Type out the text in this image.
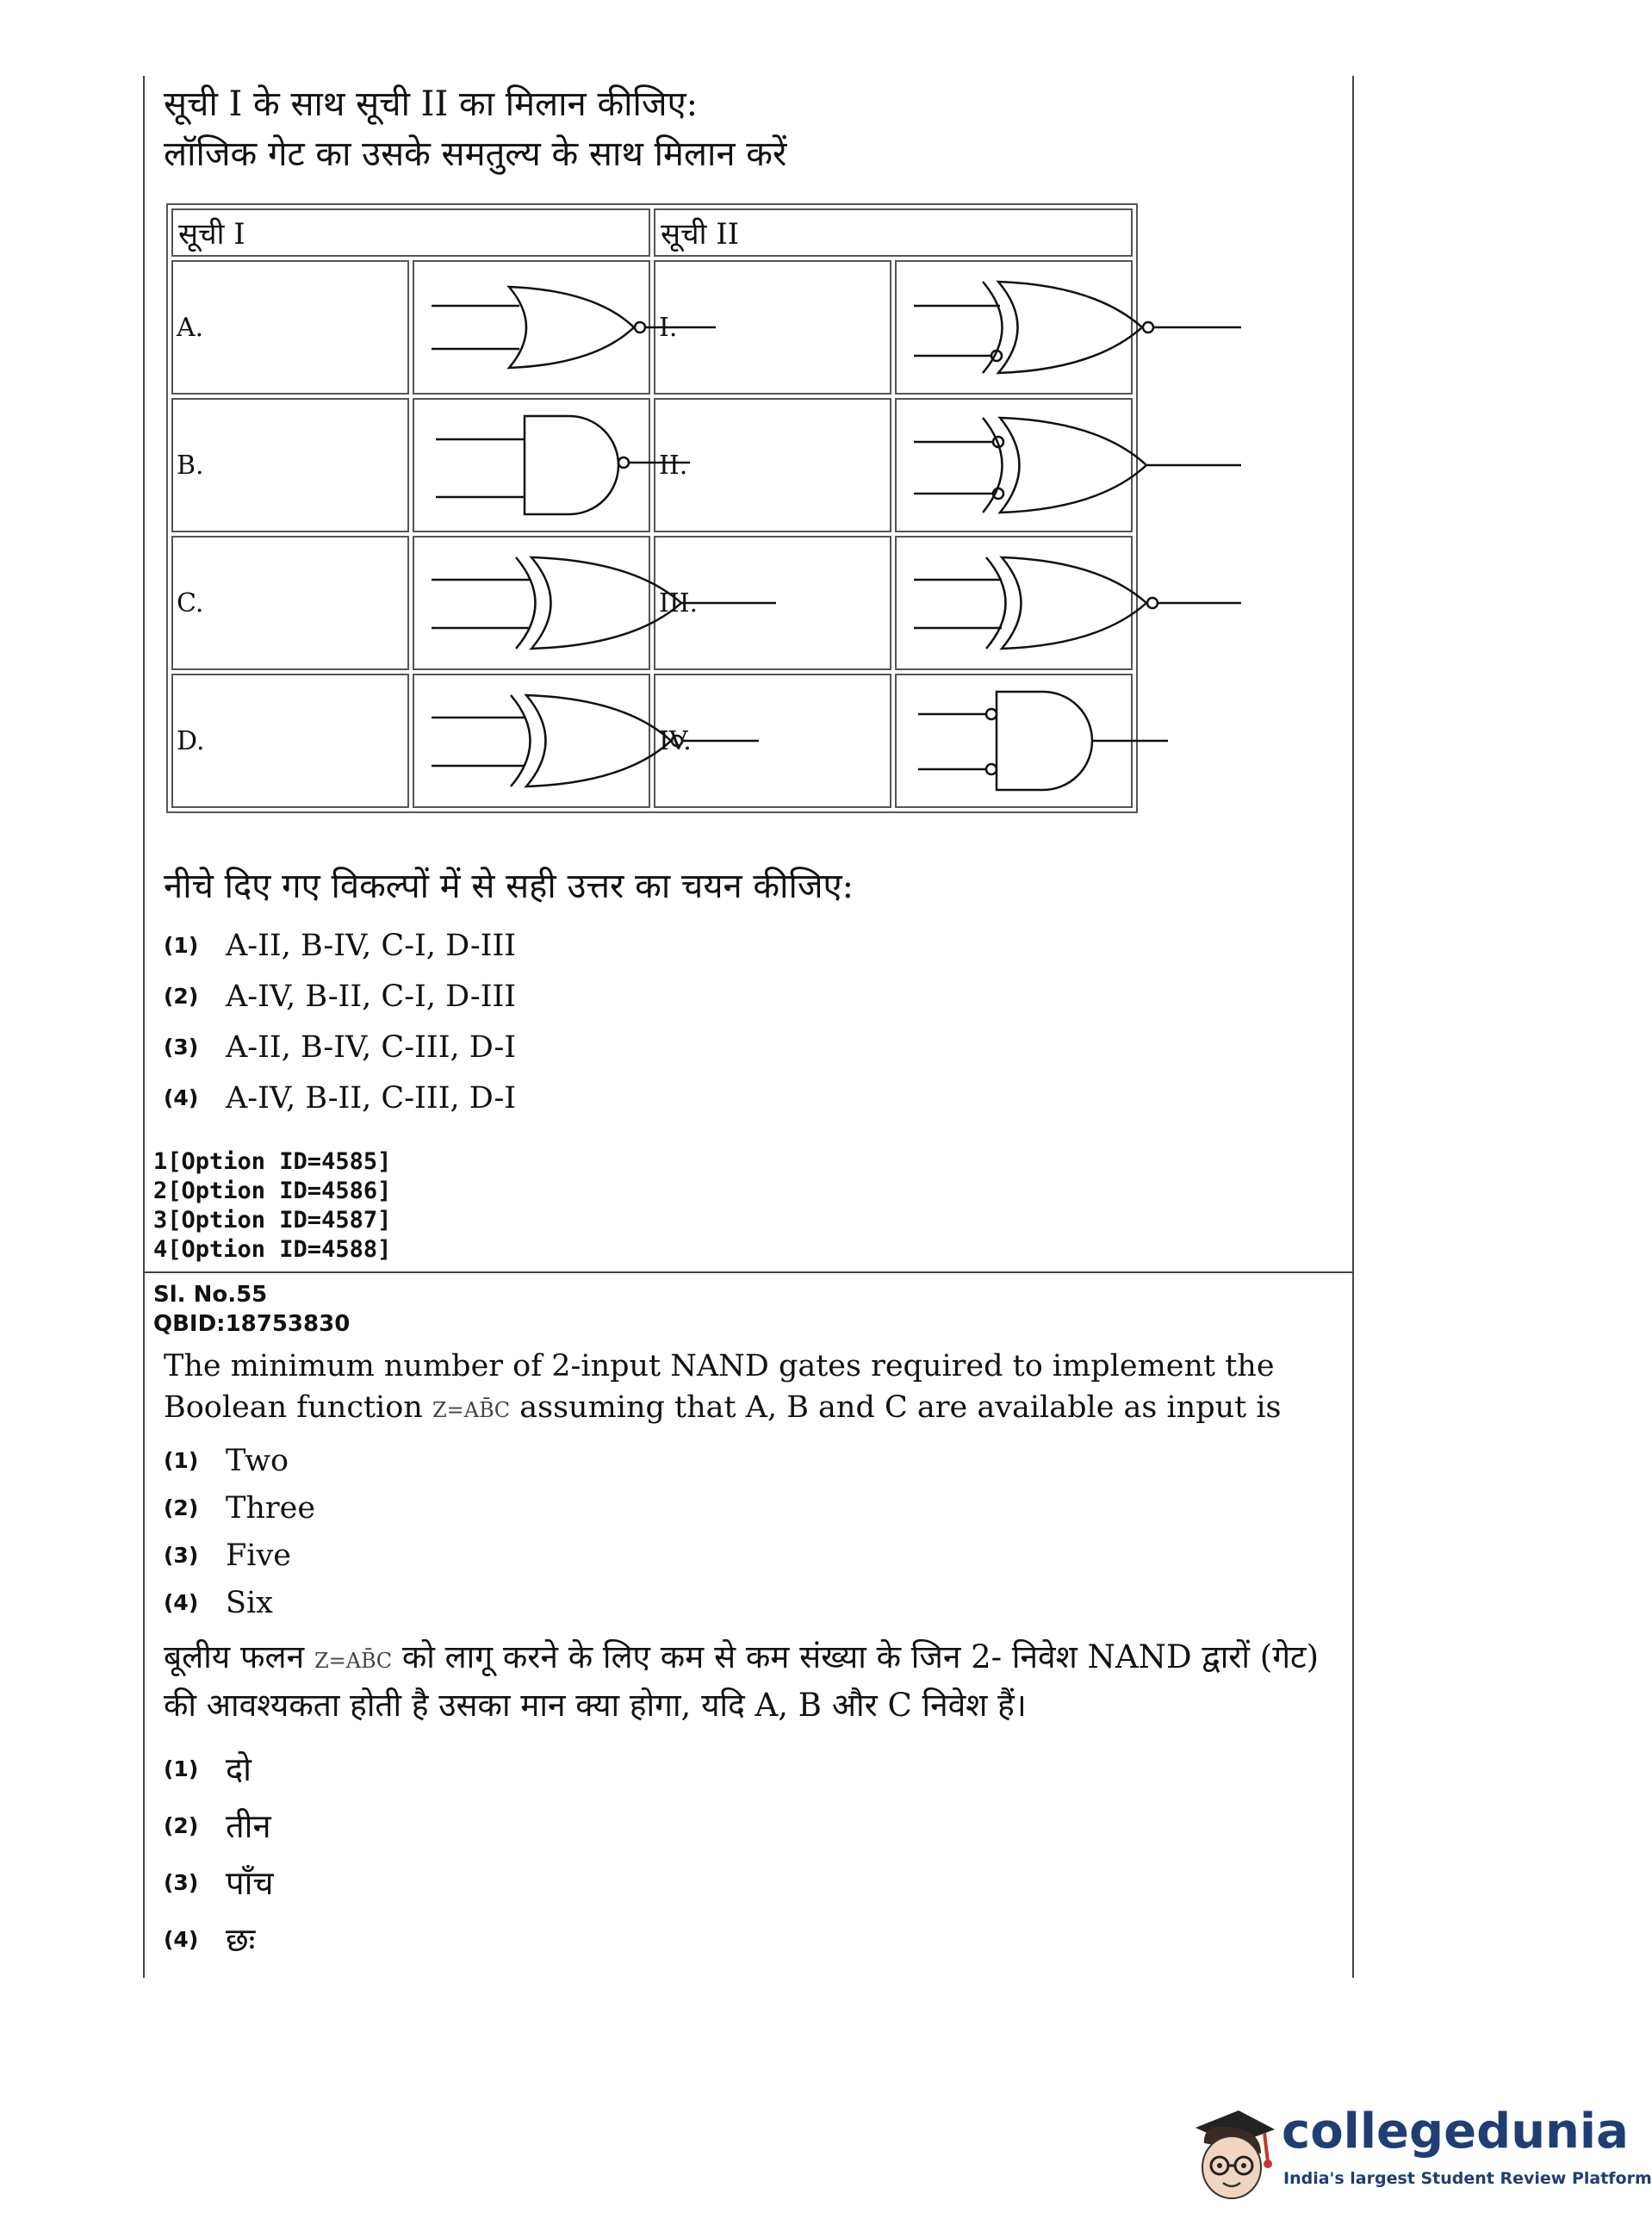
सूची I के साथ सूची II का मिलान कीजिए:
लॉजिक गेट का उसके समतुल्य के साथ मिलान करें
सूची I		सूची II	
A.		I.	

B.		II.	

C.		III.	

D.		IV.	
नीचे दिए गए विकल्पों में से सही उत्तर का चयन कीजिए:
(1) A-II, B-IV, C-I, D-III
(2) A-IV, B-II, C-I, D-III
(3) A-II, B-IV, C-III, D-I
(4) A-IV, B-II, C-III, D-I
1[Option ID=4585]
2[Option ID=4586]
3[Option ID=4587]
4[Option ID=4588]
Sl. No.55
QBID:18753830
The minimum number of 2-input NAND gates required to implement the Boolean function Z=AB̄C assuming that A, B and C are available as input is
(1) Two
(2) Three
(3) Five
(4) Six
बूलीय फलन Z=AB̄C को लागू करने के लिए कम से कम संख्या के जिन 2- निवेश NAND द्वारों (गेट) की आवश्यकता होती है उसका मान क्या होगा, यदि A, B और C निवेश हैं।
(1) दो
(2) तीन
(3) पाँच
(4) छः
collegedunia
India's largest Student Review Platform
